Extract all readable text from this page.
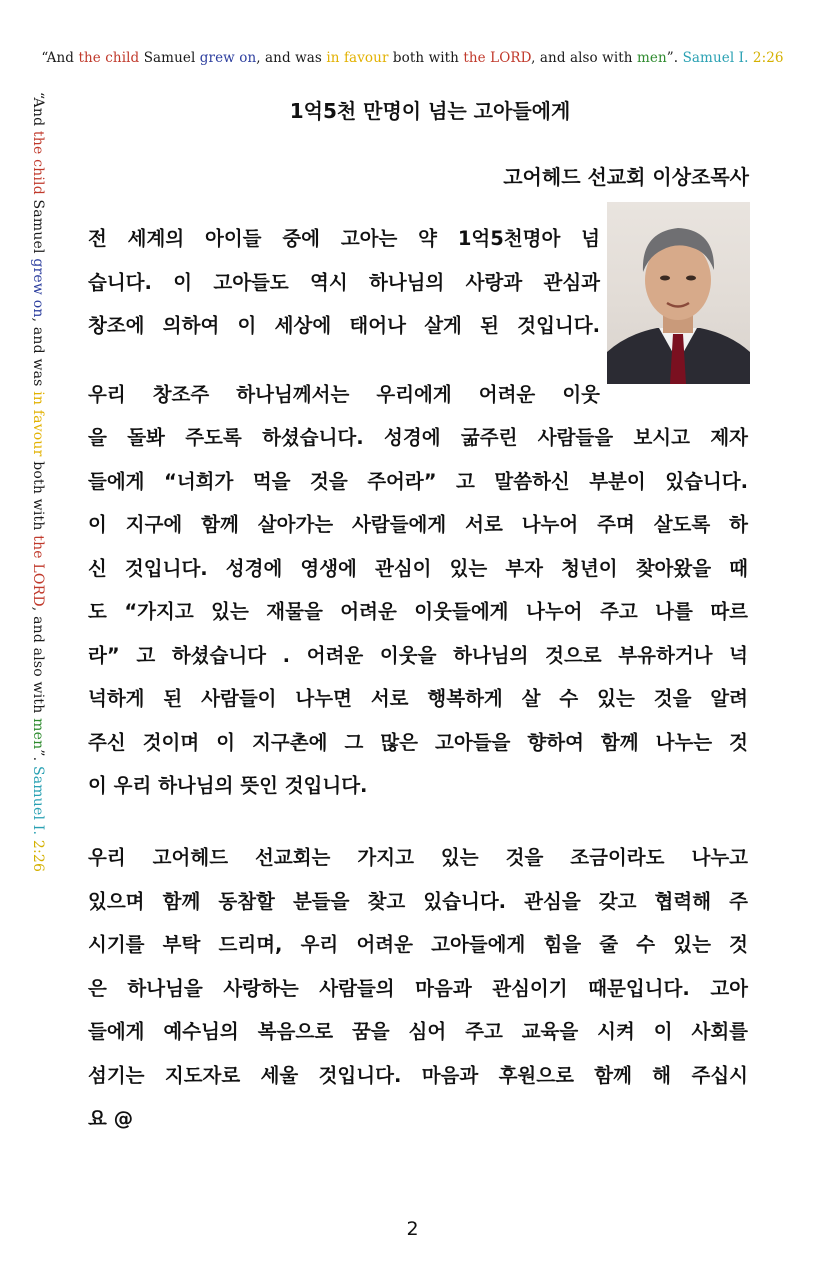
“And the child Samuel grew on, and was in favour both with the LORD, and also with men”. Samuel I. 2:26
“And the child Samuel grew on, and was in favour both with the LORD, and also with men”. Samuel I. 2:26
1억5천 만명이 넘는 고아들에게
고어헤드 선교회 이상조목사
전 세계의 아이들 중에 고아는 약 1억5천명아 넘
습니다. 이 고아들도 역시 하나님의 사랑과 관심과
창조에 의하여 이 세상에 태어나 살게 된 것입니다.
우리 창조주 하나님께서는 우리에게 어려운 이웃
을 돌봐 주도록 하셨습니다. 성경에 굶주린 사람들을 보시고 제자
들에게 “너희가 먹을 것을 주어라” 고 말씀하신 부분이 있습니다.
이 지구에 함께 살아가는 사람들에게 서로 나누어 주며 살도록 하
신 것입니다. 성경에 영생에 관심이 있는 부자 청년이 찾아왔을 때
도 “가지고 있는 재물을 어려운 이웃들에게 나누어 주고 나를 따르
라” 고 하셨습니다 . 어려운 이웃을 하나님의 것으로 부유하거나 넉
넉하게 된 사람들이 나누면 서로 행복하게 살 수 있는 것을 알려
주신 것이며 이 지구촌에 그 많은 고아들을 향하여 함께 나누는 것
이 우리 하나님의 뜻인 것입니다.
우리 고어헤드 선교회는 가지고 있는 것을 조금이라도 나누고
있으며 함께 동참할 분들을 찾고 있습니다. 관심을 갖고 협력해 주
시기를 부탁 드리며, 우리 어려운 고아들에게 힘을 줄 수 있는 것
은 하나님을 사랑하는 사람들의 마음과 관심이기 때문입니다. 고아
들에게 예수님의 복음으로 꿈을 심어 주고 교육을 시켜 이 사회를
섬기는 지도자로 세울 것입니다. 마음과 후원으로 함께 해 주십시
요 @
2
